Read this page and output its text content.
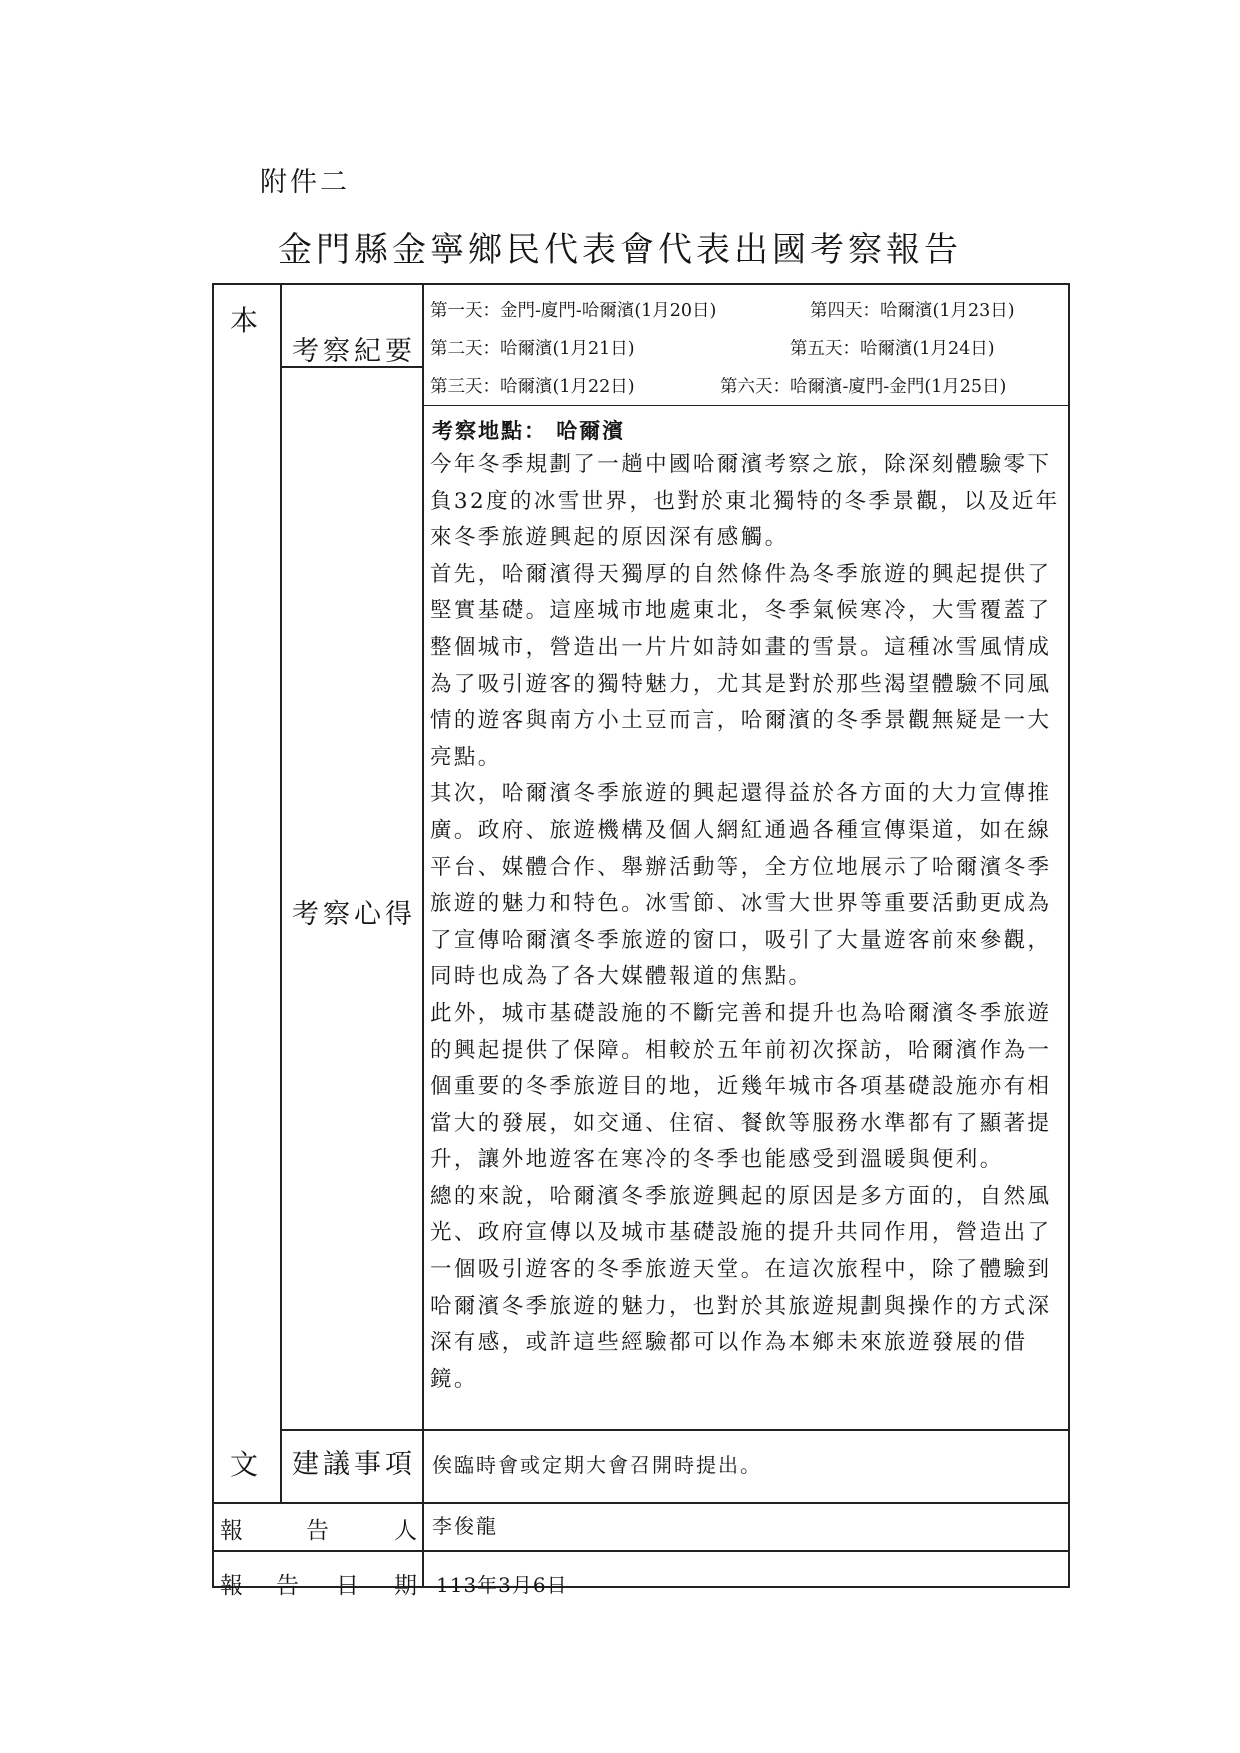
附件二
金門縣金寧鄉民代表會代表出國考察報告
本
文
考察紀要
第一天：金門-廈門-哈爾濱(1月20日)	第四天：哈爾濱(1月23日)
第二天：哈爾濱(1月21日)	第五天：哈爾濱(1月24日)
第三天：哈爾濱(1月22日)	第六天：哈爾濱-廈門-金門(1月25日)
考察心得
考察地點： 哈爾濱

今年冬季規劃了一趟中國哈爾濱考察之旅，除深刻體驗零下負32度的冰雪世界，也對於東北獨特的冬季景觀，以及近年來冬季旅遊興起的原因深有感觸。

首先，哈爾濱得天獨厚的自然條件為冬季旅遊的興起提供了堅實基礎。這座城市地處東北，冬季氣候寒冷，大雪覆蓋了整個城市，營造出一片片如詩如畫的雪景。這種冰雪風情成為了吸引遊客的獨特魅力，尤其是對於那些渴望體驗不同風情的遊客與南方小土豆而言，哈爾濱的冬季景觀無疑是一大亮點。

其次，哈爾濱冬季旅遊的興起還得益於各方面的大力宣傳推廣。政府、旅遊機構及個人網紅通過各種宣傳渠道，如在線平台、媒體合作、舉辦活動等，全方位地展示了哈爾濱冬季旅遊的魅力和特色。冰雪節、冰雪大世界等重要活動更成為了宣傳哈爾濱冬季旅遊的窗口，吸引了大量遊客前來參觀，同時也成為了各大媒體報道的焦點。

此外，城市基礎設施的不斷完善和提升也為哈爾濱冬季旅遊的興起提供了保障。相較於五年前初次探訪，哈爾濱作為一個重要的冬季旅遊目的地，近幾年城市各項基礎設施亦有相當大的發展，如交通、住宿、餐飲等服務水準都有了顯著提升，讓外地遊客在寒冷的冬季也能感受到溫暖與便利。

總的來說，哈爾濱冬季旅遊興起的原因是多方面的，自然風光、政府宣傳以及城市基礎設施的提升共同作用，營造出了一個吸引遊客的冬季旅遊天堂。在這次旅程中，除了體驗到哈爾濱冬季旅遊的魅力，也對於其旅遊規劃與操作的方式深深有感，或許這些經驗都可以作為本鄉未來旅遊發展的借鏡。

建議事項 俟臨時會或定期大會召開時提出。
報	告	人 李俊龍
報 告 日 期 113年3月6日
